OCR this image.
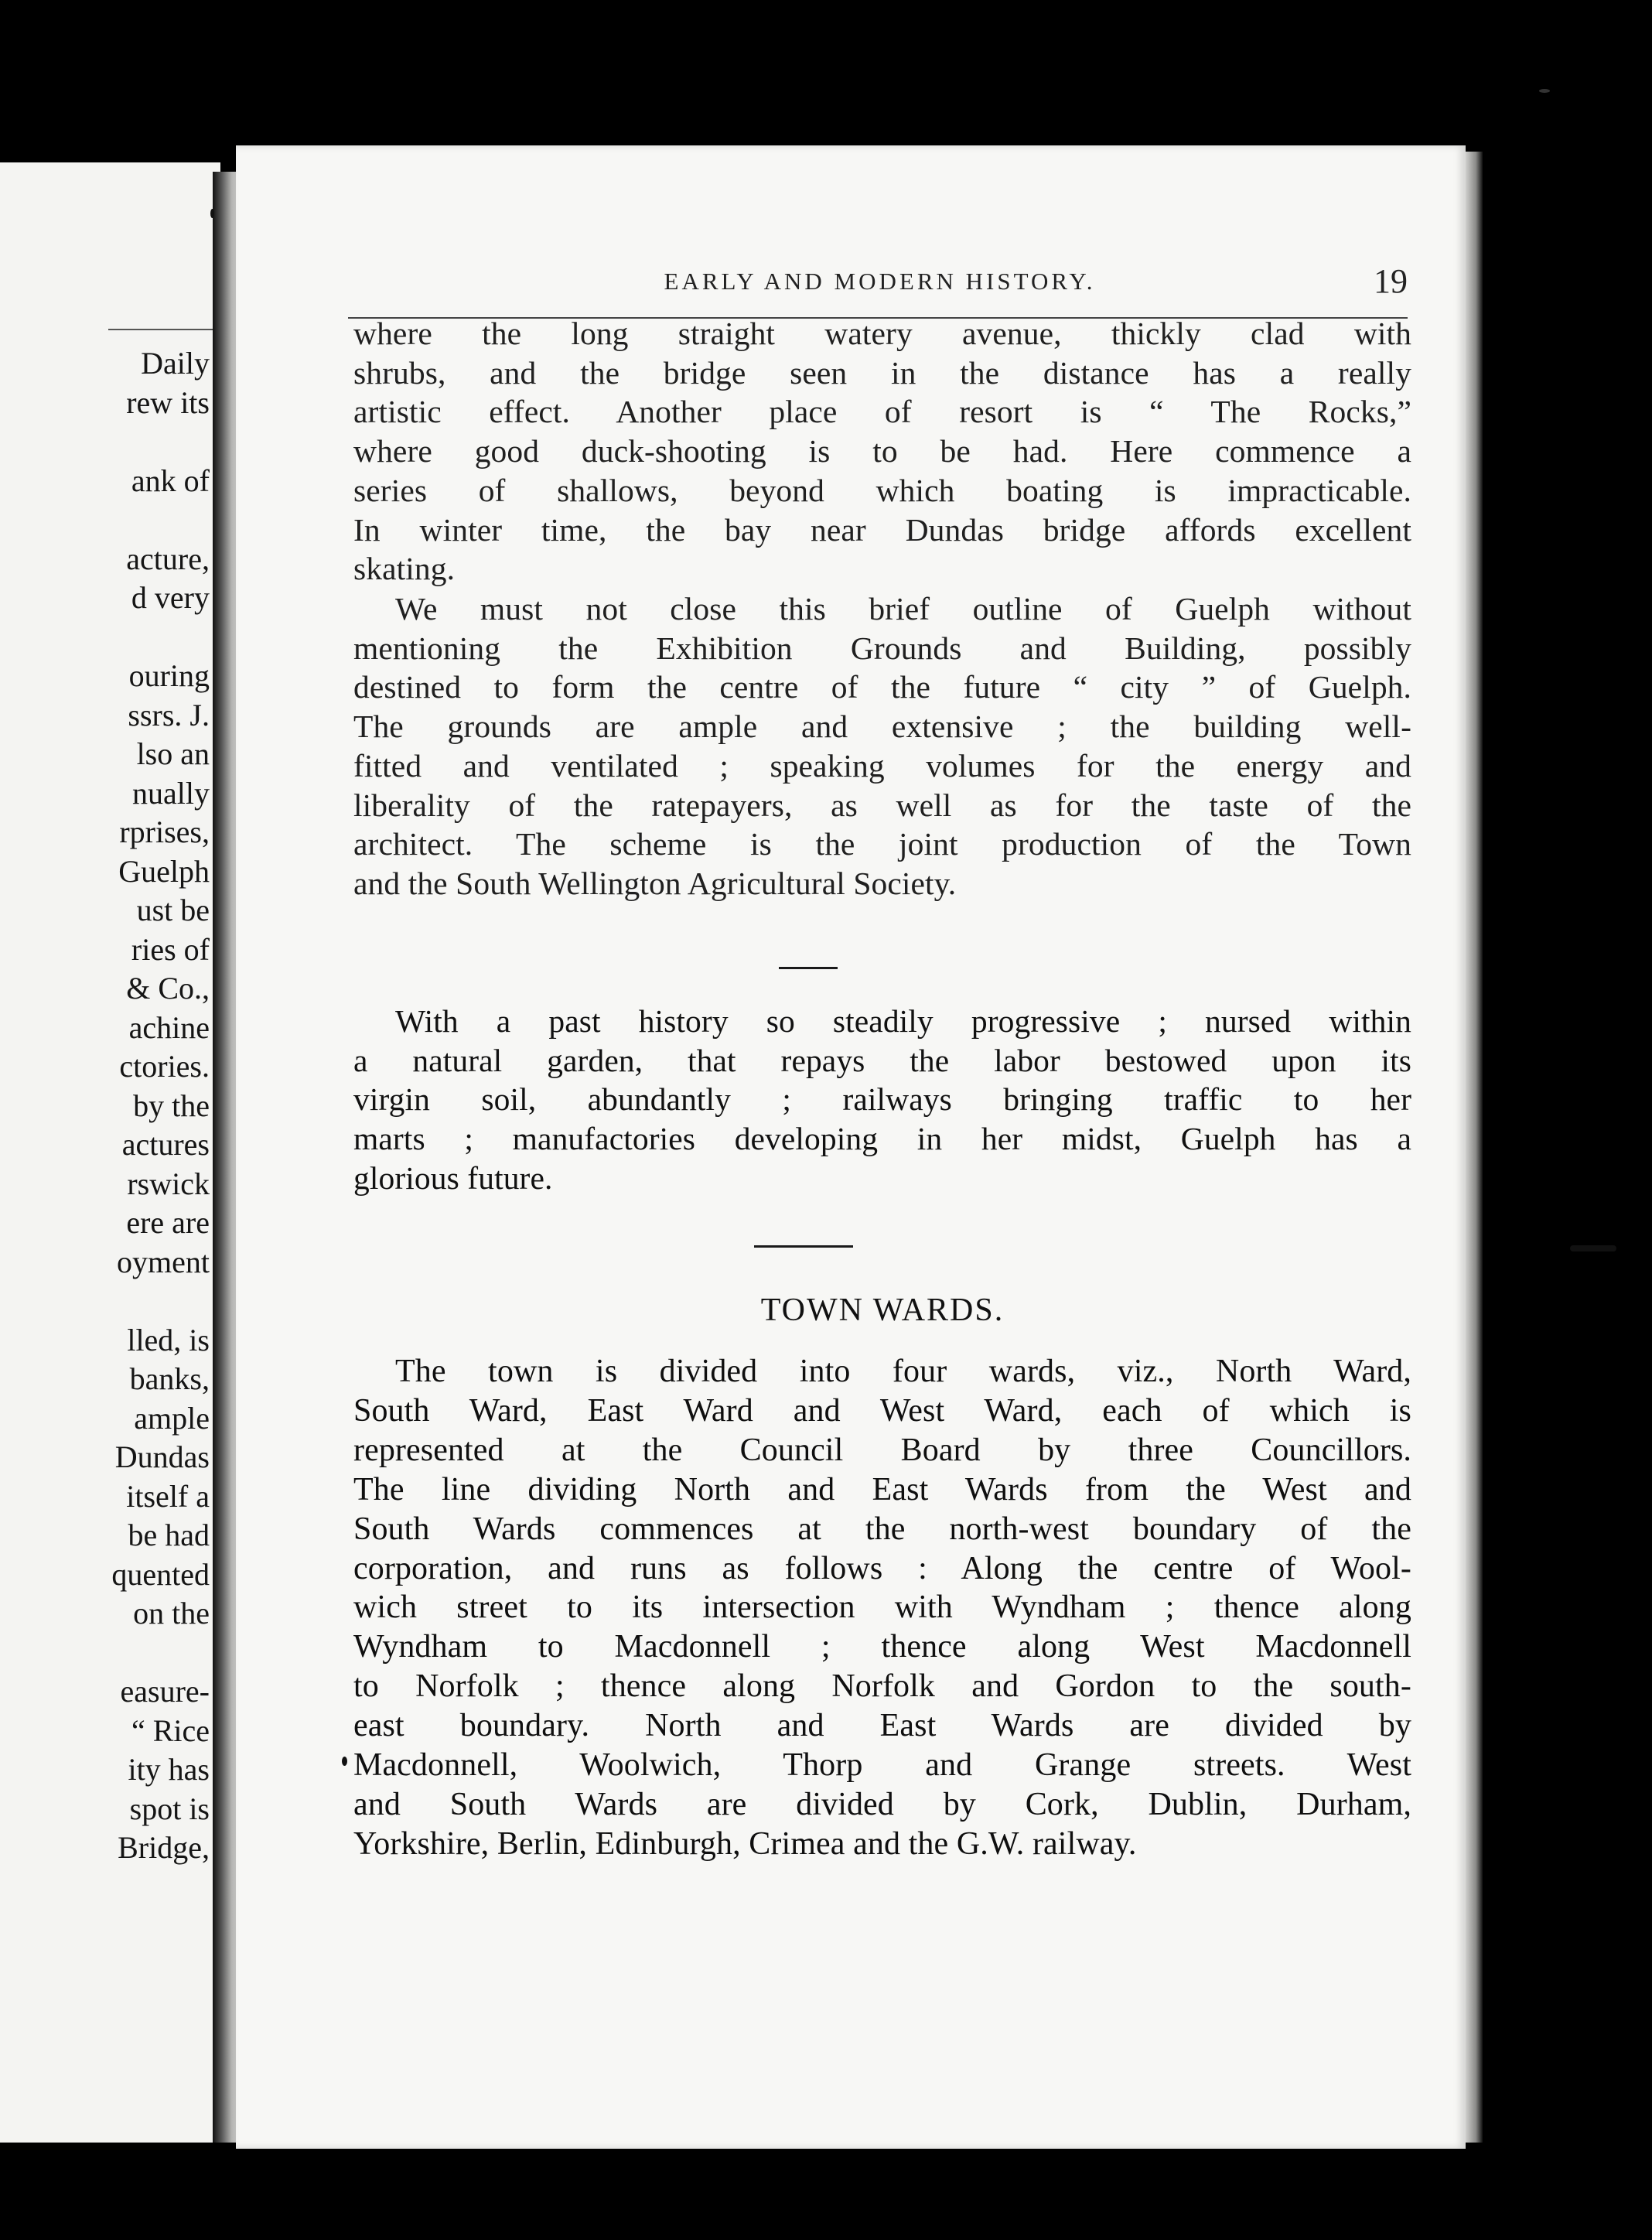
Daily
rew its
ank of
acture,
d very
ouring
ssrs. J.
lso an
nually
rprises,
Guelph
ust be
ries of
& Co.,
achine
ctories.
by the
actures
rswick
ere are
oyment
lled, is
banks,
ample
Dundas
itself a
be had
quented
on the
easure-
“ Rice
ity has
spot is
Bridge,
EARLY AND MODERN HISTORY.	19
where the long straight watery avenue, thickly clad with
shrubs, and the bridge seen in the distance has a really
artistic effect. Another place of resort is “ The Rocks,”
where good duck-shooting is to be had. Here commence a
series of shallows, beyond which boating is impracticable.
In winter time, the bay near Dundas bridge affords excellent
skating.
We must not close this brief outline of Guelph without
mentioning the Exhibition Grounds and Building, possibly
destined to form the centre of the future “ city ” of Guelph.
The grounds are ample and extensive ; the building well-
fitted and ventilated ; speaking volumes for the energy and
liberality of the ratepayers, as well as for the taste of the
architect. The scheme is the joint production of the Town
and the South Wellington Agricultural Society.
With a past history so steadily progressive ; nursed within
a natural garden, that repays the labor bestowed upon its
virgin soil, abundantly ; railways bringing traffic to her
marts ; manufactories developing in her midst, Guelph has a
glorious future.
TOWN WARDS.
The town is divided into four wards, viz., North Ward,
South Ward, East Ward and West Ward, each of which is
represented at the Council Board by three Councillors.
The line dividing North and East Wards from the West and
South Wards commences at the north-west boundary of the
corporation, and runs as follows : Along the centre of Wool-
wich street to its intersection with Wyndham ; thence along
Wyndham to Macdonnell ; thence along West Macdonnell
to Norfolk ; thence along Norfolk and Gordon to the south-
east boundary. North and East Wards are divided by
Macdonnell, Woolwich, Thorp and Grange streets. West
and South Wards are divided by Cork, Dublin, Durham,
Yorkshire, Berlin, Edinburgh, Crimea and the G.W. railway.
